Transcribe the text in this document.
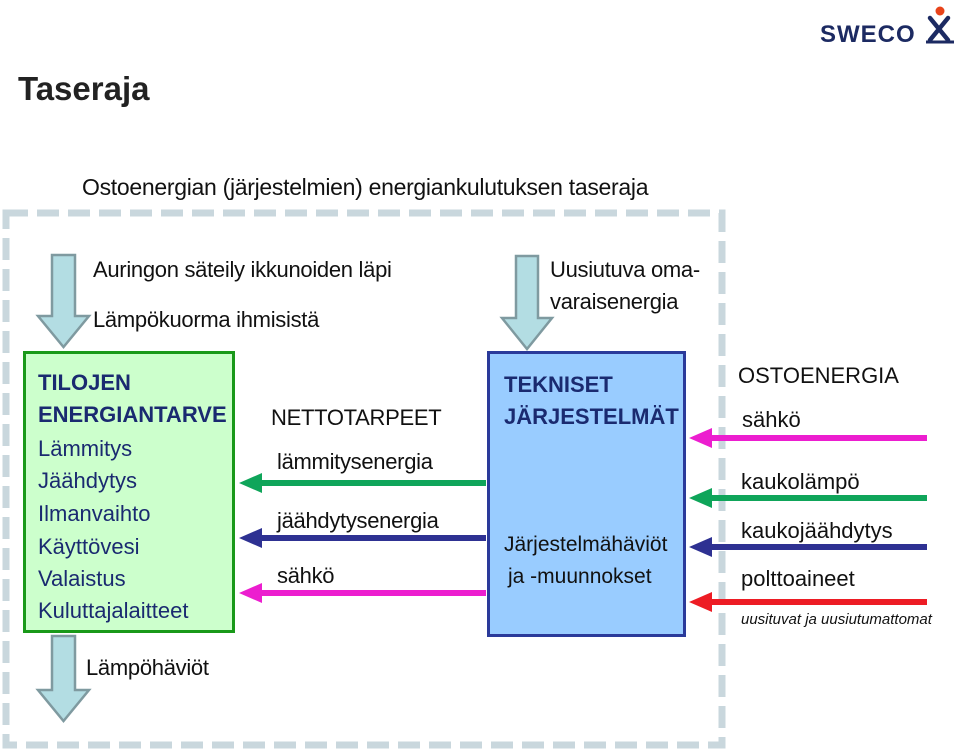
SWECO
Taseraja
Ostoenergian (järjestelmien) energiankulutuksen taseraja
Auringon säteily ikkunoiden läpi
Lämpökuorma ihmisistä
Uusiutuva oma-
varaisenergia
TILOJEN
ENERGIANTARVE
Lämmitys
Jäähdytys
Ilmanvaihto
Käyttövesi
Valaistus
Kuluttajalaitteet
NETTOTARPEET
lämmitysenergia
jäähdytysenergia
sähkö
TEKNISET
JÄRJESTELMÄT
Järjestelmähäviöt
ja -muunnokset
OSTOENERGIA
sähkö
kaukolämpö
kaukojäähdytys
polttoaineet
uusituvat ja uusiutumattomat
Lämpöhäviöt
